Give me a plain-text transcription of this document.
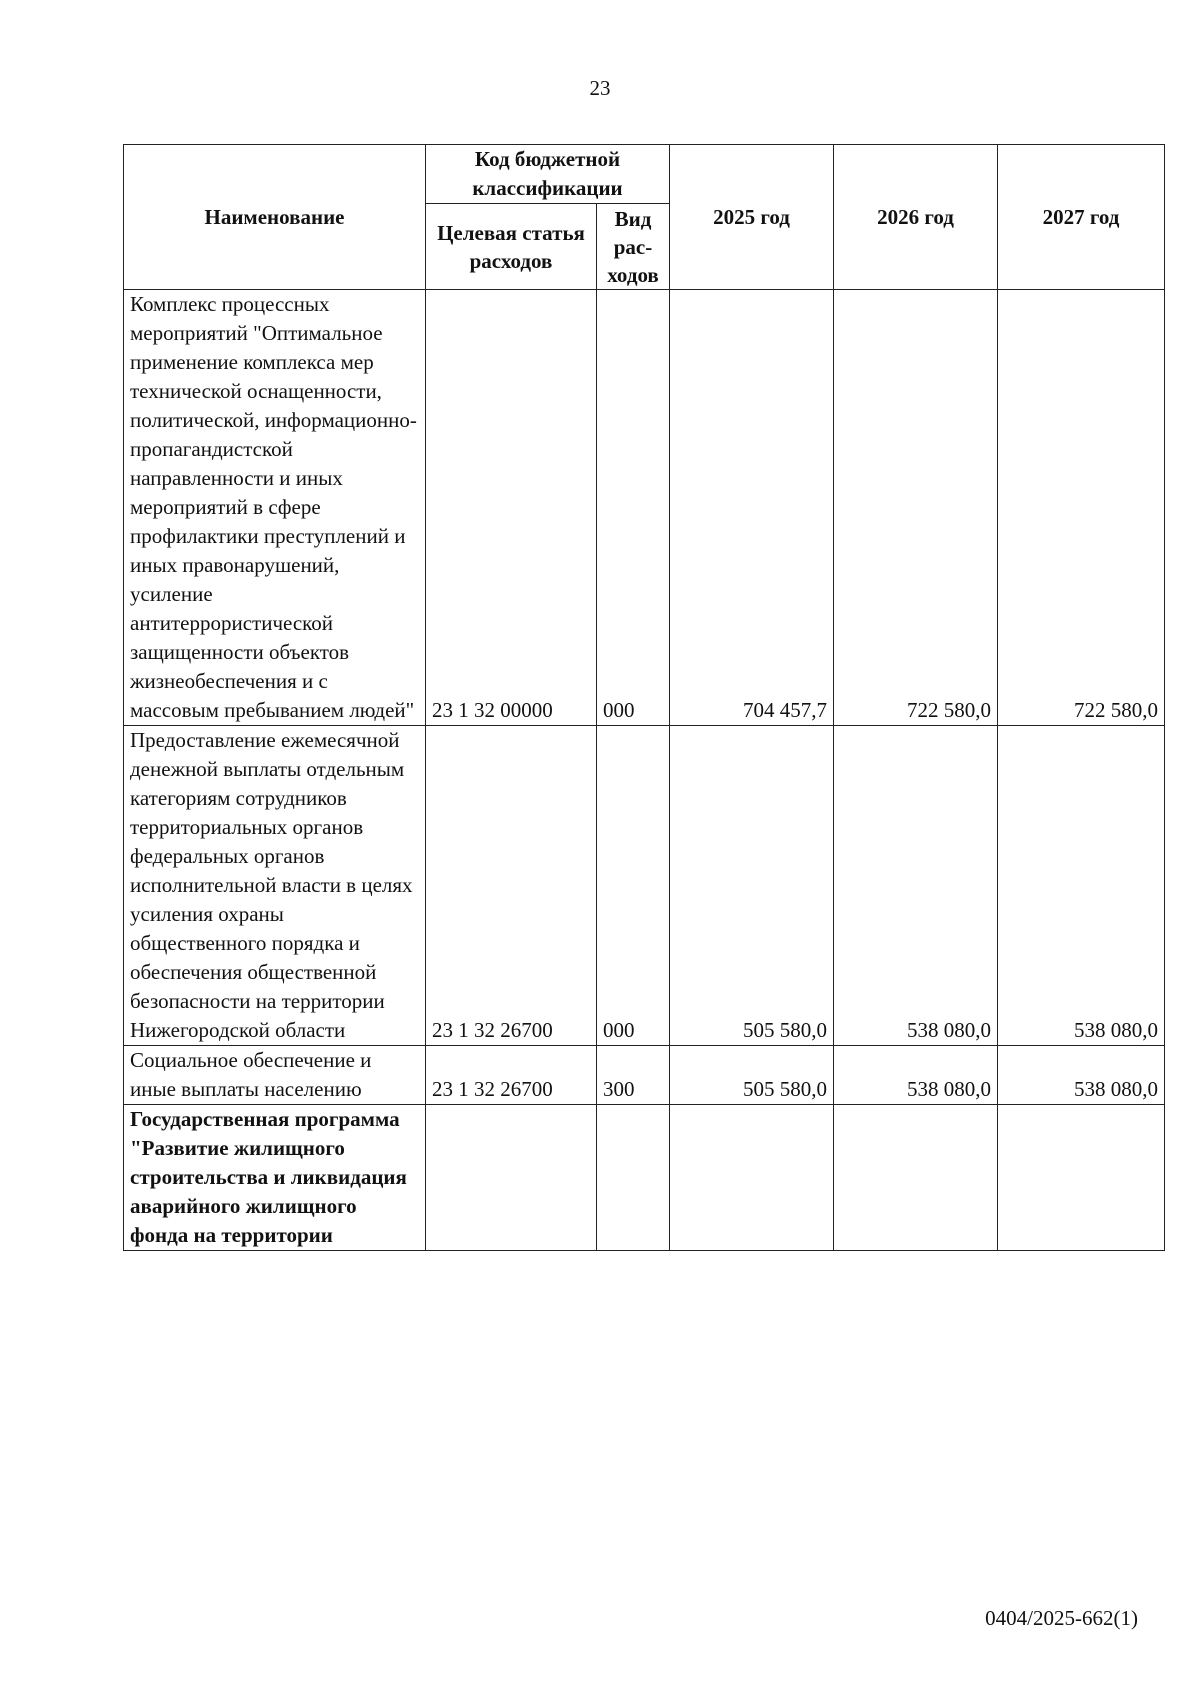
23
Наименование	Код бюджетной классификации		2025 год	2026 год	2027 год
	Целевая статья расходов	Вид
рас-
ходов			
Комплекс процессных мероприятий "Оптимальное применение комплекса мер технической оснащенности, политической, информационно-пропагандистской направленности и иных мероприятий в сфере профилактики преступлений и иных правонарушений, усиление антитеррористической защищенности объектов жизнеобеспечения и с массовым пребыванием людей"	23 1 32 00000	000	704 457,7	722 580,0	722 580,0
Предоставление ежемесячной денежной выплаты отдельным категориям сотрудников территориальных органов федеральных органов исполнительной власти в целях усиления охраны общественного порядка и обеспечения общественной безопасности на территории Нижегородской области	23 1 32 26700	000	505 580,0	538 080,0	538 080,0
Социальное обеспечение и иные выплаты населению	23 1 32 26700	300	505 580,0	538 080,0	538 080,0
Государственная программа "Развитие жилищного строительства и ликвидация аварийного жилищного фонда на территории					
0404/2025-662(1)
